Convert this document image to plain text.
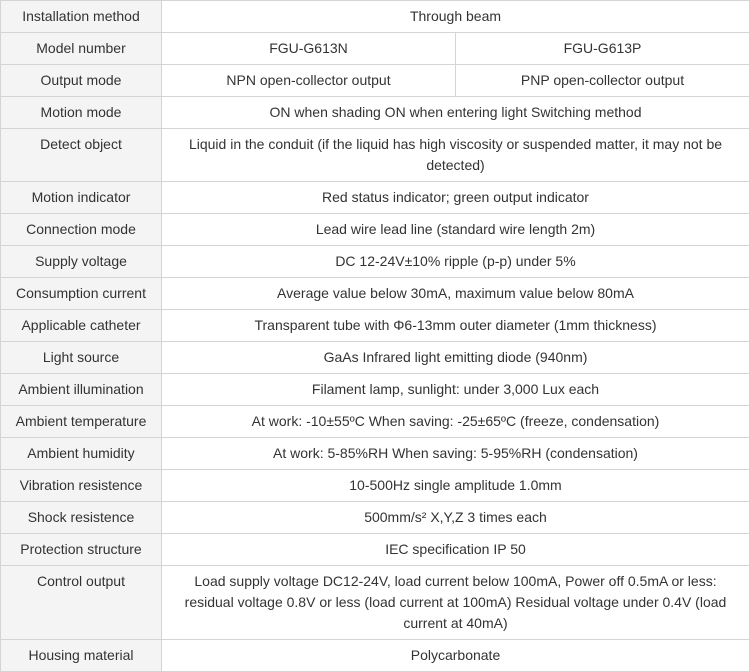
Installation method	Through beam	
Model number	FGU-G613N	FGU-G613P
Output mode	NPN open-collector output	PNP open-collector output
Motion mode	ON when shading ON when entering light Switching method	
Detect object	Liquid in the conduit (if the liquid has high viscosity or suspended matter, it may not be detected)	
Motion indicator	Red status indicator; green output indicator	
Connection mode	Lead wire lead line (standard wire length 2m)	
Supply voltage	DC 12-24V±10% ripple (p-p) under 5%	
Consumption current	Average value below 30mA, maximum value below 80mA	
Applicable catheter	Transparent tube with Φ6-13mm outer diameter (1mm thickness)	
Light source	GaAs Infrared light emitting diode (940nm)	
Ambient illumination	Filament lamp, sunlight: under 3,000 Lux each	
Ambient temperature	At work: -10±55ºC When saving: -25±65ºC (freeze, condensation)	
Ambient humidity	At work: 5-85%RH When saving: 5-95%RH (condensation)	
Vibration resistence	10-500Hz single amplitude 1.0mm	
Shock resistence	500mm/s² X,Y,Z 3 times each	
Protection structure	IEC specification IP 50	
Control output	Load supply voltage DC12-24V, load current below 100mA, Power off 0.5mA or less: residual voltage 0.8V or less (load current at 100mA) Residual voltage under 0.4V (load current at 40mA)	
Housing material	Polycarbonate	
